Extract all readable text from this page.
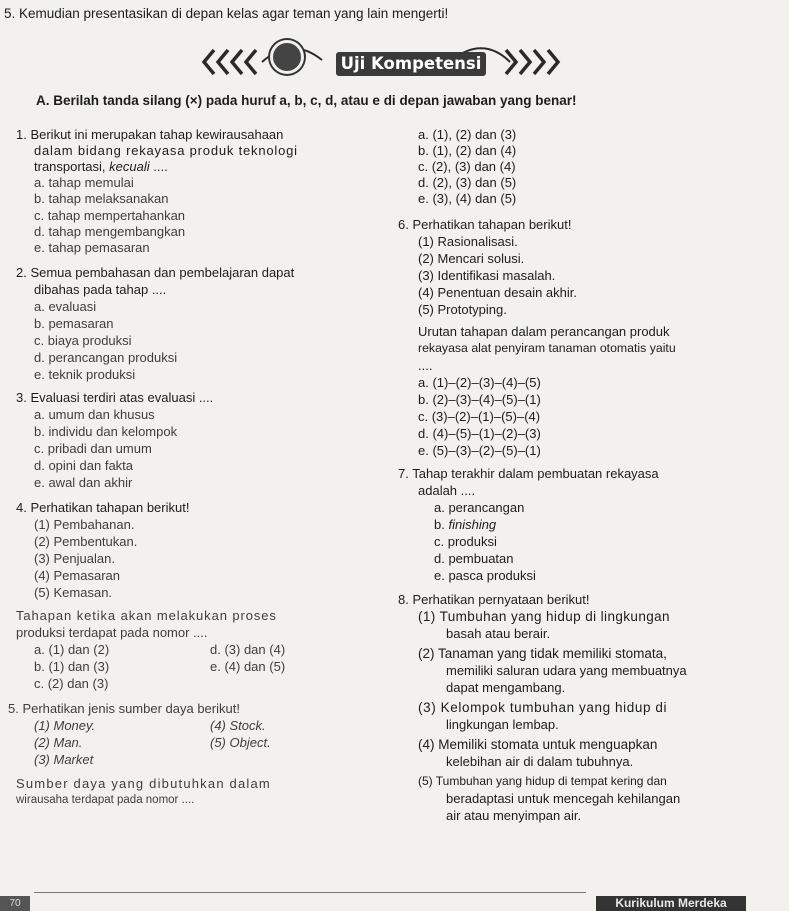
5. Kemudian presentasikan di depan kelas agar teman yang lain mengerti!
Uji Kompetensi
A. Berilah tanda silang (×) pada huruf a, b, c, d, atau e di depan jawaban yang benar!
1. Berikut ini merupakan tahap kewirausahaan
dalam bidang rekayasa produk teknologi
transportasi, kecuali ....
a. tahap memulai
b. tahap melaksanakan
c. tahap mempertahankan
d. tahap mengembangkan
e. tahap pemasaran
2. Semua pembahasan dan pembelajaran dapat
dibahas pada tahap ....
a. evaluasi
b. pemasaran
c. biaya produksi
d. perancangan produksi
e. teknik produksi
3. Evaluasi terdiri atas evaluasi ....
a. umum dan khusus
b. individu dan kelompok
c. pribadi dan umum
d. opini dan fakta
e. awal dan akhir
4. Perhatikan tahapan berikut!
(1) Pembahanan.
(2) Pembentukan.
(3) Penjualan.
(4) Pemasaran
(5) Kemasan.
Tahapan ketika akan melakukan proses
produksi terdapat pada nomor ....
a. (1) dan (2)	d. (3) dan (4)
b. (1) dan (3)	e. (4) dan (5)
c. (2) dan (3)
5. Perhatikan jenis sumber daya berikut!
(1) Money.
(2) Man.
(3) Market
(4) Stock.
(5) Object.
Sumber daya yang dibutuhkan dalam
wirausaha terdapat pada nomor ....
a. (1), (2) dan (3)
b. (1), (2) dan (4)
c. (2), (3) dan (4)
d. (2), (3) dan (5)
e. (3), (4) dan (5)
6. Perhatikan tahapan berikut!
(1) Rasionalisasi.
(2) Mencari solusi.
(3) Identifikasi masalah.
(4) Penentuan desain akhir.
(5) Prototyping.
Urutan tahapan dalam perancangan produk
rekayasa alat penyiram tanaman otomatis yaitu
....
a. (1)–(2)–(3)–(4)–(5)
b. (2)–(3)–(4)–(5)–(1)
c. (3)–(2)–(1)–(5)–(4)
d. (4)–(5)–(1)–(2)–(3)
e. (5)–(3)–(2)–(5)–(1)
7. Tahap terakhir dalam pembuatan rekayasa
adalah ....
a. perancangan
b. finishing
c. produksi
d. pembuatan
e. pasca produksi
8. Perhatikan pernyataan berikut!
(1) Tumbuhan yang hidup di lingkungan
basah atau berair.
(2) Tanaman yang tidak memiliki stomata,
memiliki saluran udara yang membuatnya
dapat mengambang.
(3) Kelompok tumbuhan yang hidup di
lingkungan lembap.
(4) Memiliki stomata untuk menguapkan
kelebihan air di dalam tubuhnya.
(5) Tumbuhan yang hidup di tempat kering dan
beradaptasi untuk mencegah kehilangan
air atau menyimpan air.
70	Kurikulum Merdeka
